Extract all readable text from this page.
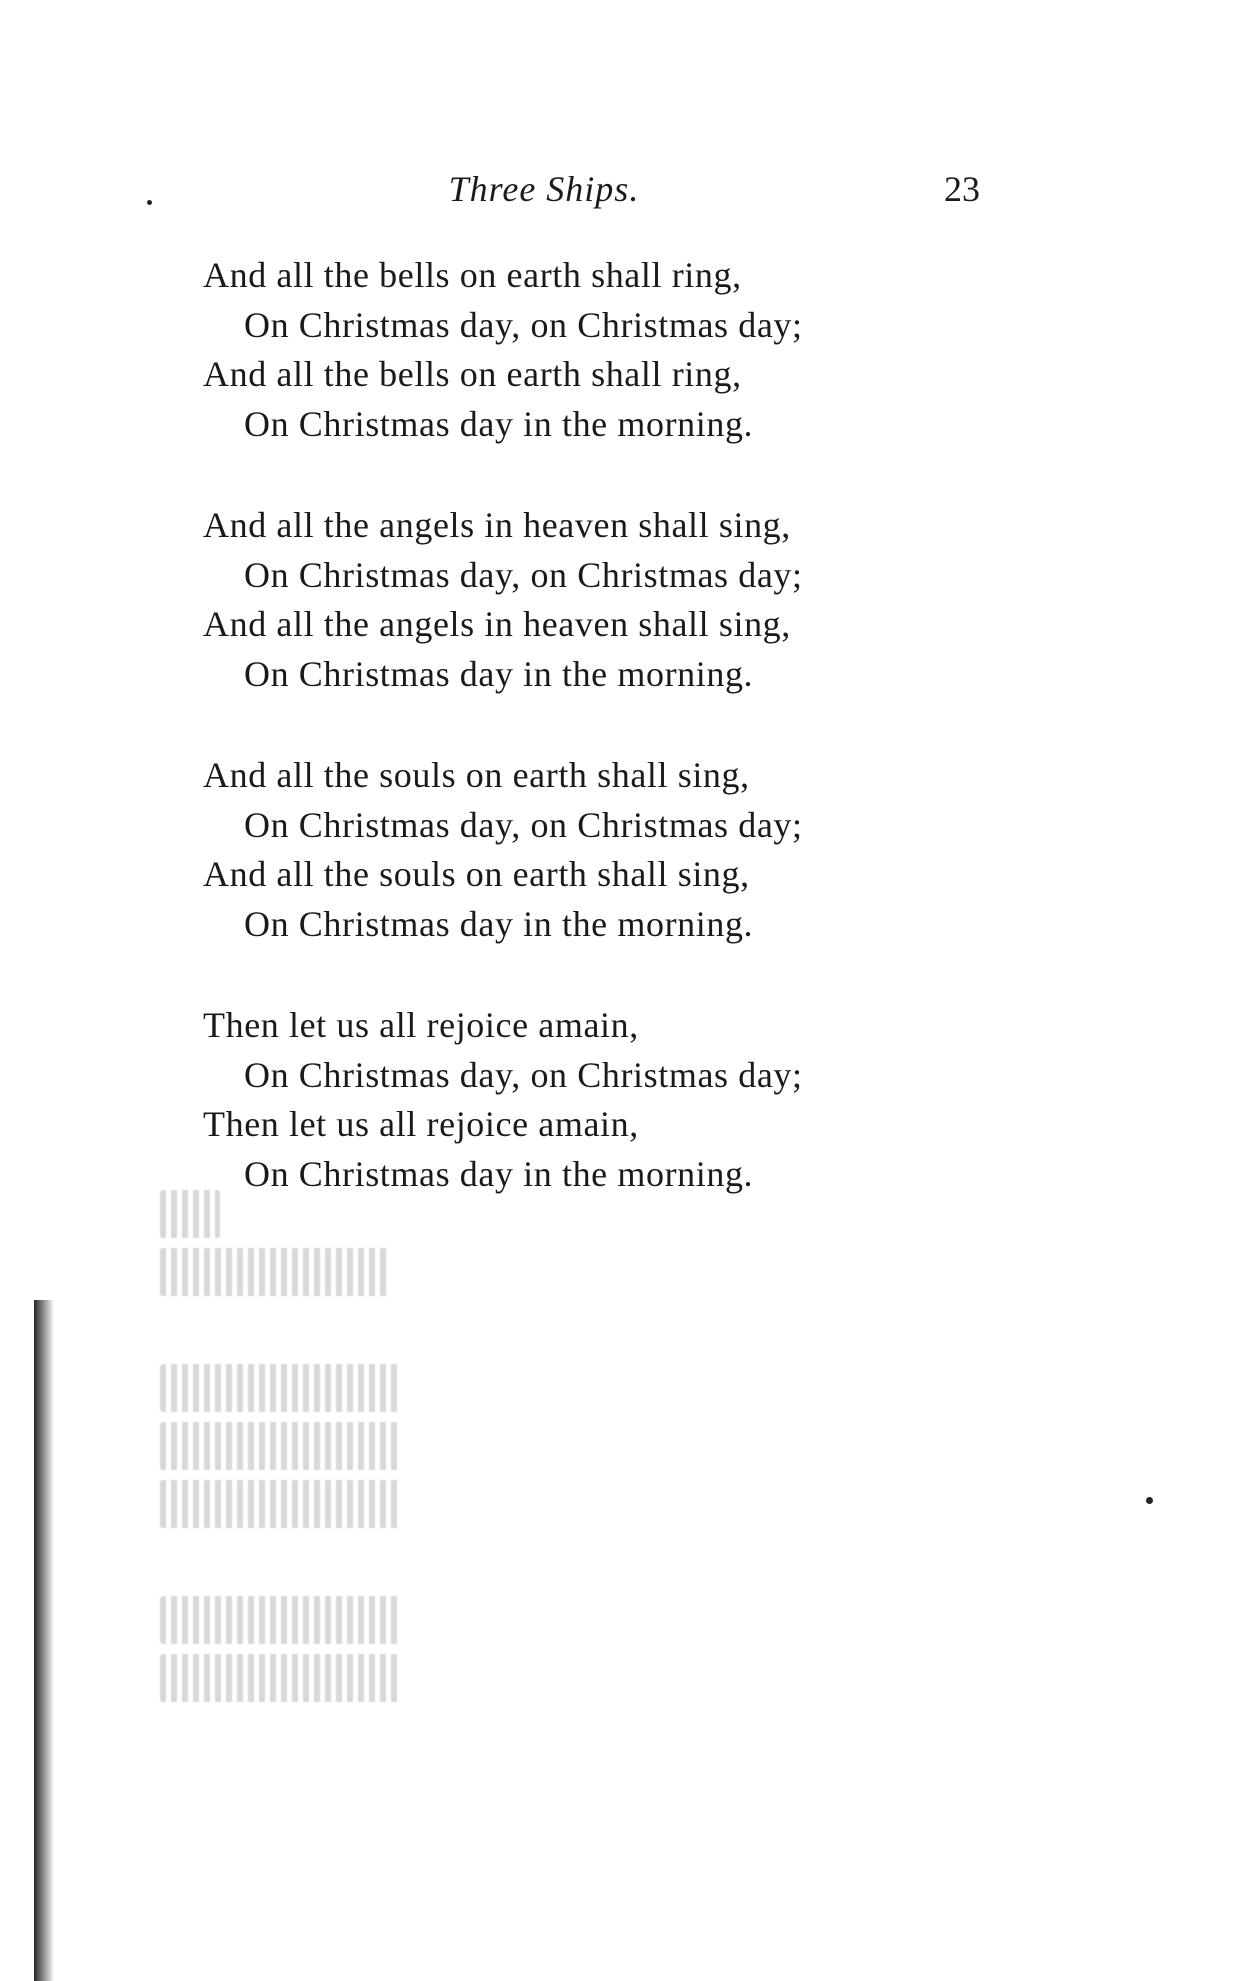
Three Ships.	23
And all the bells on earth shall ring,
On Christmas day, on Christmas day;
And all the bells on earth shall ring,
On Christmas day in the morning.
And all the angels in heaven shall sing,
On Christmas day, on Christmas day;
And all the angels in heaven shall sing,
On Christmas day in the morning.
And all the souls on earth shall sing,
On Christmas day, on Christmas day;
And all the souls on earth shall sing,
On Christmas day in the morning.
Then let us all rejoice amain,
On Christmas day, on Christmas day;
Then let us all rejoice amain,
On Christmas day in the morning.
